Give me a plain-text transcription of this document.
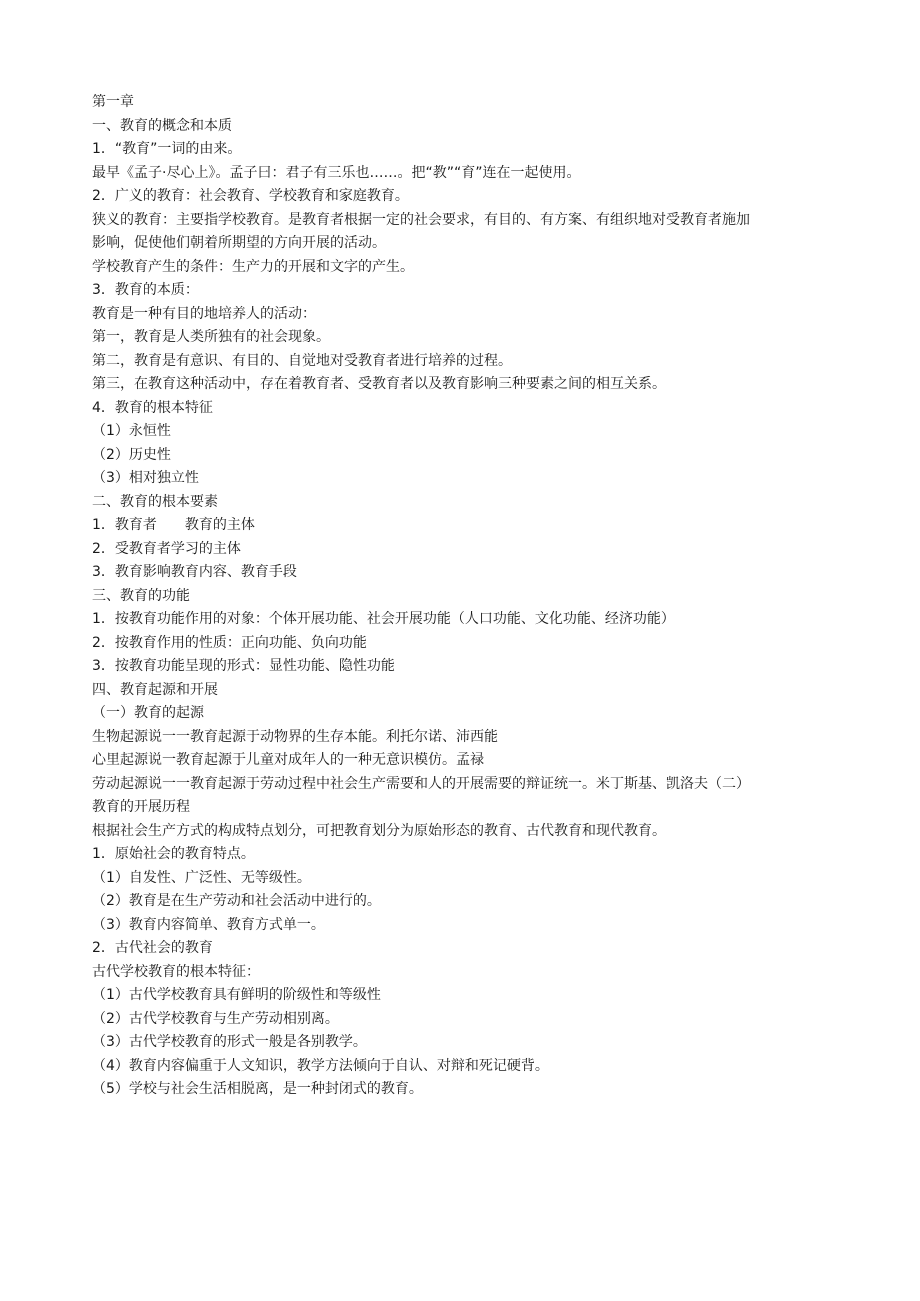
第一章
一、教育的概念和本质
1．“教育”一词的由来。
最早《孟子·尽心上》。孟子曰：君子有三乐也……。把“教”“育”连在一起使用。
2．广义的教育：社会教育、学校教育和家庭教育。
狭义的教育：主要指学校教育。是教育者根据一定的社会要求，有目的、有方案、有组织地对受教育者施加
影响，促使他们朝着所期望的方向开展的活动。
学校教育产生的条件：生产力的开展和文字的产生。
3．教育的本质：
教育是一种有目的地培养人的活动：
第一，教育是人类所独有的社会现象。
第二，教育是有意识、有目的、自觉地对受教育者进行培养的过程。
第三，在教育这种活动中，存在着教育者、受教育者以及教育影响三种要素之间的相互关系。
4．教育的根本特征
（1）永恒性
（2）历史性
（3）相对独立性
二、教育的根本要素
1．教育者　　教育的主体
2．受教育者学习的主体
3．教育影响教育内容、教育手段
三、教育的功能
1．按教育功能作用的对象：个体开展功能、社会开展功能（人口功能、文化功能、经济功能）
2．按教育作用的性质：正向功能、负向功能
3．按教育功能呈现的形式：显性功能、隐性功能
四、教育起源和开展
（一）教育的起源
生物起源说一一教育起源于动物界的生存本能。利托尔诺、沛西能
心里起源说一教育起源于儿童对成年人的一种无意识模仿。孟禄
劳动起源说一一教育起源于劳动过程中社会生产需要和人的开展需要的辩证统一。米丁斯基、凯洛夫（二）
教育的开展历程
根据社会生产方式的构成特点划分，可把教育划分为原始形态的教育、古代教育和现代教育。
1．原始社会的教育特点。
（1）自发性、广泛性、无等级性。
（2）教育是在生产劳动和社会活动中进行的。
（3）教育内容简单、教育方式单一。
2．古代社会的教育
古代学校教育的根本特征：
（1）古代学校教育具有鲜明的阶级性和等级性
（2）古代学校教育与生产劳动相别离。
（3）古代学校教育的形式一般是各别教学。
（4）教育内容偏重于人文知识，教学方法倾向于自认、对辩和死记硬背。
（5）学校与社会生活相脱离，是一种封闭式的教育。
